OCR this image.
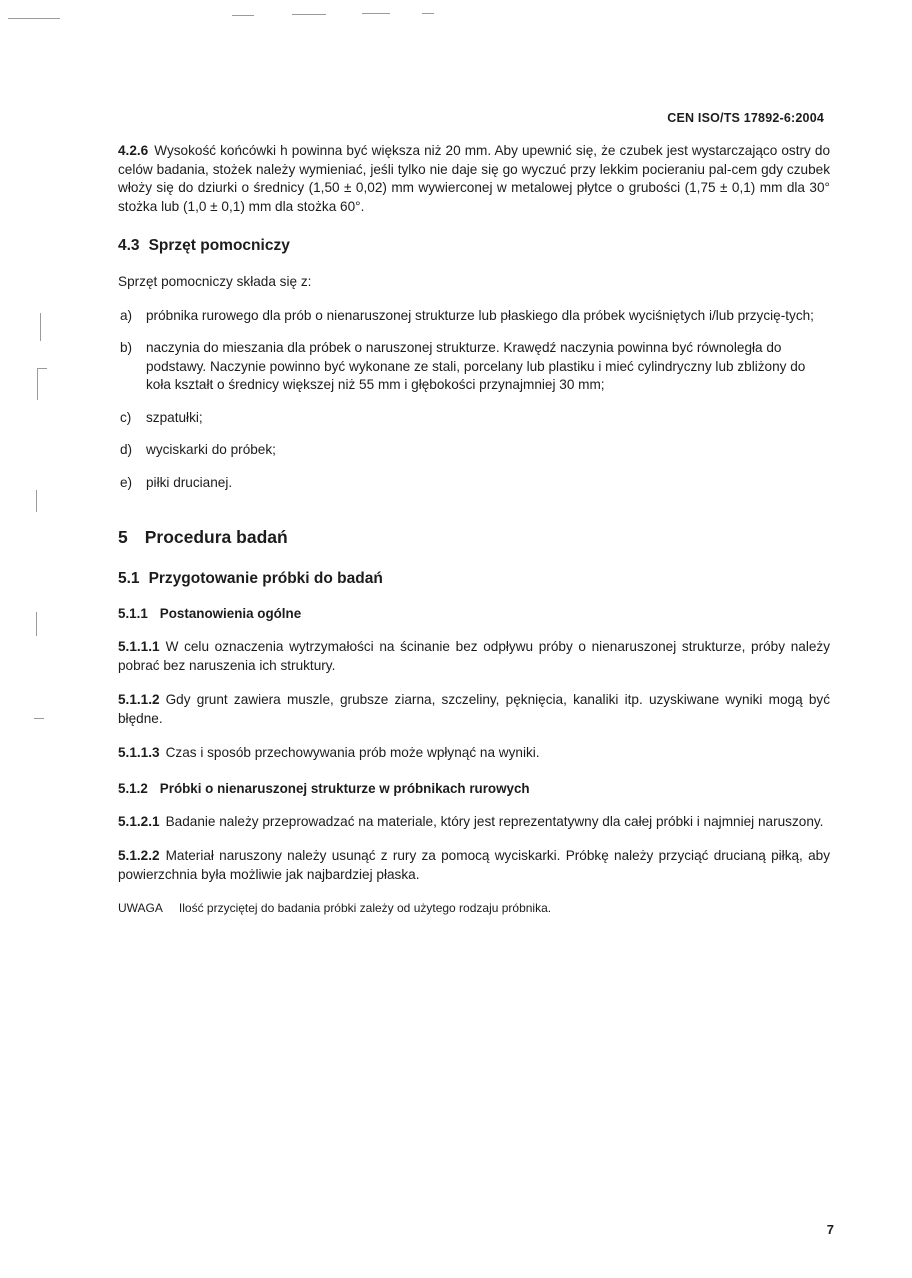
CEN ISO/TS 17892-6:2004

4.2.6 Wysokość końcówki h powinna być większa niż 20 mm. Aby upewnić się, że czubek jest wystarczająco ostry do celów badania, stożek należy wymieniać, jeśli tylko nie daje się go wyczuć przy lekkim pocieraniu pal-cem gdy czubek włoży się do dziurki o średnicy (1,50 ± 0,02) mm wywierconej w metalowej płytce o grubości (1,75 ± 0,1) mm dla 30° stożka lub (1,0 ± 0,1) mm dla stożka 60°.

4.3 Sprzęt pomocniczy

Sprzęt pomocniczy składa się z:

a) próbnika rurowego dla prób o nienaruszonej strukturze lub płaskiego dla próbek wyciśniętych i/lub przycię-tych;
b) naczynia do mieszania dla próbek o naruszonej strukturze. Krawędź naczynia powinna być równoległa do podstawy. Naczynie powinno być wykonane ze stali, porcelany lub plastiku i mieć cylindryczny lub zbliżony do koła kształt o średnicy większej niż 55 mm i głębokości przynajmniej 30 mm;
c) szpatułki;
d) wyciskarki do próbek;
e) piłki drucianej.
5 Procedura badań
5.1 Przygotowanie próbki do badań
5.1.1 Postanowienia ogólne

5.1.1.1 W celu oznaczenia wytrzymałości na ścinanie bez odpływu próby o nienaruszonej strukturze, próby należy pobrać bez naruszenia ich struktury.

5.1.1.2 Gdy grunt zawiera muszle, grubsze ziarna, szczeliny, pęknięcia, kanaliki itp. uzyskiwane wyniki mogą być błędne.

5.1.1.3 Czas i sposób przechowywania prób może wpłynąć na wyniki.

5.1.2 Próbki o nienaruszonej strukturze w próbnikach rurowych

5.1.2.1 Badanie należy przeprowadzać na materiale, który jest reprezentatywny dla całej próbki i najmniej naruszony.

5.1.2.2 Materiał naruszony należy usunąć z rury za pomocą wyciskarki. Próbkę należy przyciąć drucianą piłką, aby powierzchnia była możliwie jak najbardziej płaska.

UWAGA Ilość przyciętej do badania próbki zależy od użytego rodzaju próbnika.
7
